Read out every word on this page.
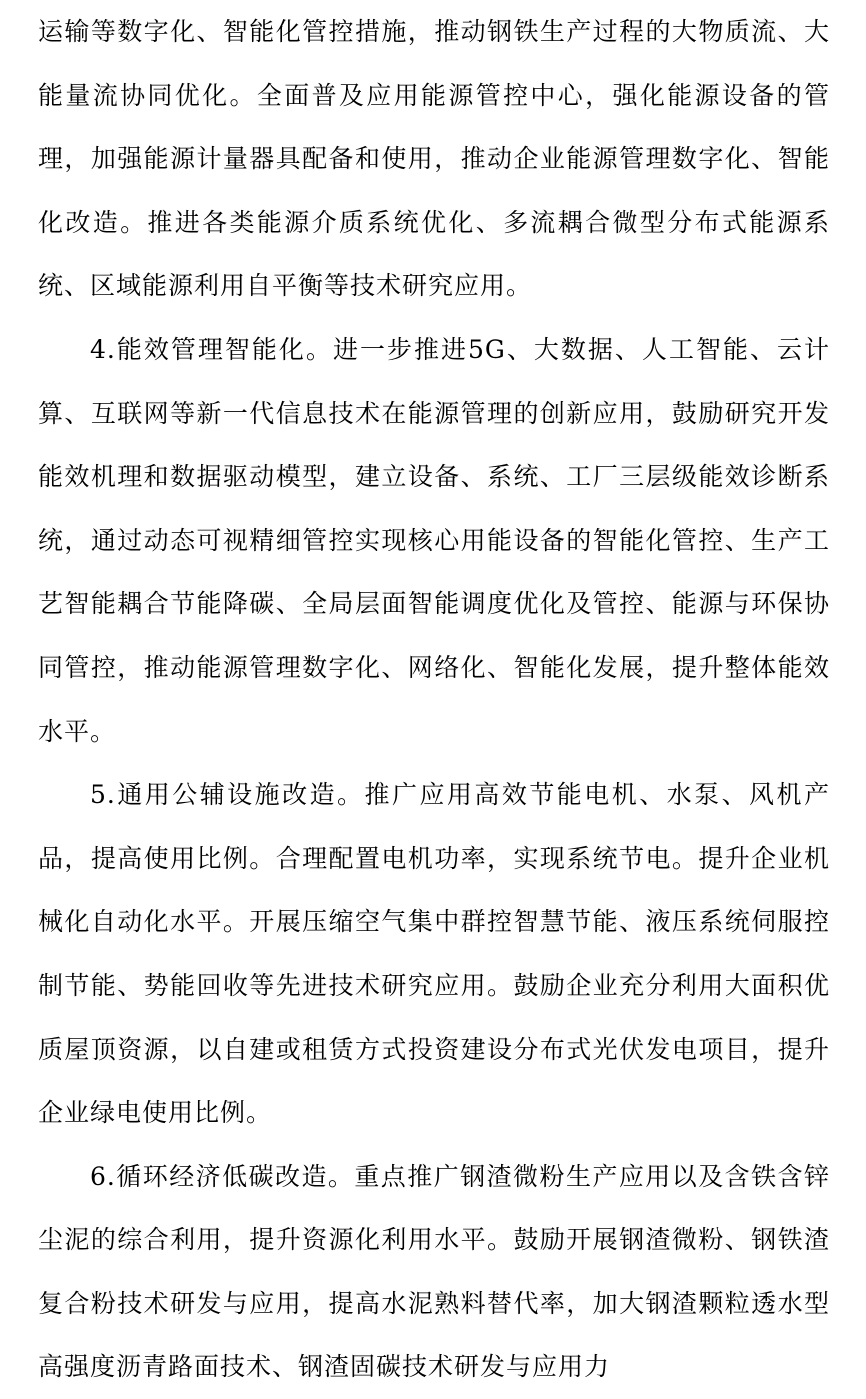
运输等数字化、智能化管控措施，推动钢铁生产过程的大物质流、大能量流协同优化。全面普及应用能源管控中心，强化能源设备的管理，加强能源计量器具配备和使用，推动企业能源管理数字化、智能化改造。推进各类能源介质系统优化、多流耦合微型分布式能源系统、区域能源利用自平衡等技术研究应用。

4.能效管理智能化。进一步推进5G、大数据、人工智能、云计算、互联网等新一代信息技术在能源管理的创新应用，鼓励研究开发能效机理和数据驱动模型，建立设备、系统、工厂三层级能效诊断系统，通过动态可视精细管控实现核心用能设备的智能化管控、生产工艺智能耦合节能降碳、全局层面智能调度优化及管控、能源与环保协同管控，推动能源管理数字化、网络化、智能化发展，提升整体能效水平。

5.通用公辅设施改造。推广应用高效节能电机、水泵、风机产品，提高使用比例。合理配置电机功率，实现系统节电。提升企业机械化自动化水平。开展压缩空气集中群控智慧节能、液压系统伺服控制节能、势能回收等先进技术研究应用。鼓励企业充分利用大面积优质屋顶资源，以自建或租赁方式投资建设分布式光伏发电项目，提升企业绿电使用比例。

6.循环经济低碳改造。重点推广钢渣微粉生产应用以及含铁含锌尘泥的综合利用，提升资源化利用水平。鼓励开展钢渣微粉、钢铁渣复合粉技术研发与应用，提高水泥熟料替代率，加大钢渣颗粒透水型高强度沥青路面技术、钢渣固碳技术研发与应用力
